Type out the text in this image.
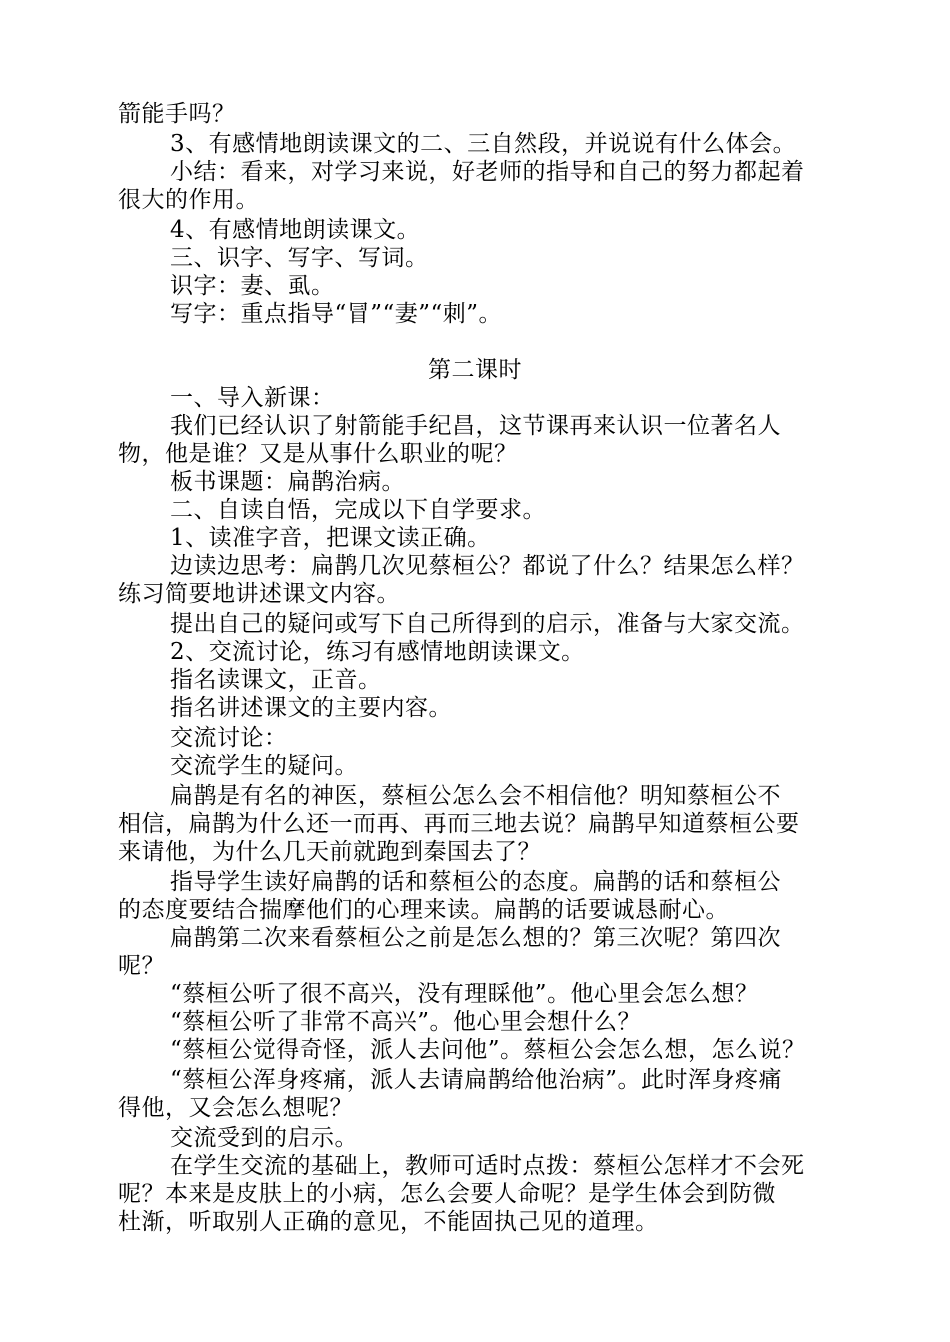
箭能手吗？
3、有感情地朗读课文的二、三自然段，并说说有什么体会。
小结：看来，对学习来说，好老师的指导和自己的努力都起着
很大的作用。
4、有感情地朗读课文。
三、识字、写字、写词。
识字：妻、虱。
写字：重点指导“冒”“妻”“刺”。
第二课时
一、导入新课：
我们已经认识了射箭能手纪昌，这节课再来认识一位著名人
物，他是谁？又是从事什么职业的呢？
板书课题：扁鹊治病。
二、自读自悟，完成以下自学要求。
1、读准字音，把课文读正确。
边读边思考：扁鹊几次见蔡桓公？都说了什么？结果怎么样？
练习简要地讲述课文内容。
提出自己的疑问或写下自己所得到的启示，准备与大家交流。
2、交流讨论，练习有感情地朗读课文。
指名读课文，正音。
指名讲述课文的主要内容。
交流讨论：
交流学生的疑问。
扁鹊是有名的神医，蔡桓公怎么会不相信他？明知蔡桓公不
相信，扁鹊为什么还一而再、再而三地去说？扁鹊早知道蔡桓公要
来请他，为什么几天前就跑到秦国去了？
指导学生读好扁鹊的话和蔡桓公的态度。扁鹊的话和蔡桓公
的态度要结合揣摩他们的心理来读。扁鹊的话要诚恳耐心。
扁鹊第二次来看蔡桓公之前是怎么想的？第三次呢？第四次
呢？
“蔡桓公听了很不高兴，没有理睬他”。他心里会怎么想？
“蔡桓公听了非常不高兴”。他心里会想什么？
“蔡桓公觉得奇怪，派人去问他”。蔡桓公会怎么想，怎么说？
“蔡桓公浑身疼痛，派人去请扁鹊给他治病”。此时浑身疼痛
得他，又会怎么想呢？
交流受到的启示。
在学生交流的基础上，教师可适时点拨：蔡桓公怎样才不会死
呢？本来是皮肤上的小病，怎么会要人命呢？是学生体会到防微
杜渐，听取别人正确的意见，不能固执己见的道理。
